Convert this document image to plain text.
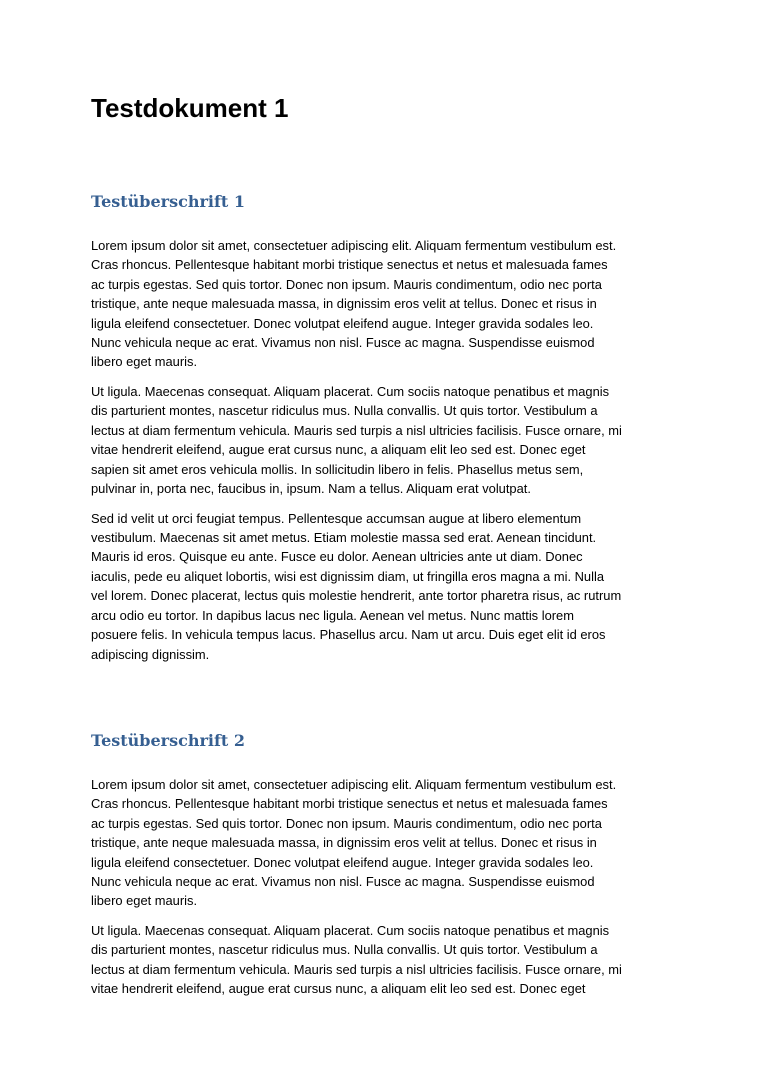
Testdokument 1
Testüberschrift 1

Lorem ipsum dolor sit amet, consectetuer adipiscing elit. Aliquam fermentum vestibulum est.
Cras rhoncus. Pellentesque habitant morbi tristique senectus et netus et malesuada fames
ac turpis egestas. Sed quis tortor. Donec non ipsum. Mauris condimentum, odio nec porta
tristique, ante neque malesuada massa, in dignissim eros velit at tellus. Donec et risus in
ligula eleifend consectetuer. Donec volutpat eleifend augue. Integer gravida sodales leo.
Nunc vehicula neque ac erat. Vivamus non nisl. Fusce ac magna. Suspendisse euismod
libero eget mauris.

Ut ligula. Maecenas consequat. Aliquam placerat. Cum sociis natoque penatibus et magnis
dis parturient montes, nascetur ridiculus mus. Nulla convallis. Ut quis tortor. Vestibulum a
lectus at diam fermentum vehicula. Mauris sed turpis a nisl ultricies facilisis. Fusce ornare, mi
vitae hendrerit eleifend, augue erat cursus nunc, a aliquam elit leo sed est. Donec eget
sapien sit amet eros vehicula mollis. In sollicitudin libero in felis. Phasellus metus sem,
pulvinar in, porta nec, faucibus in, ipsum. Nam a tellus. Aliquam erat volutpat.

Sed id velit ut orci feugiat tempus. Pellentesque accumsan augue at libero elementum
vestibulum. Maecenas sit amet metus. Etiam molestie massa sed erat. Aenean tincidunt.
Mauris id eros. Quisque eu ante. Fusce eu dolor. Aenean ultricies ante ut diam. Donec
iaculis, pede eu aliquet lobortis, wisi est dignissim diam, ut fringilla eros magna a mi. Nulla
vel lorem. Donec placerat, lectus quis molestie hendrerit, ante tortor pharetra risus, ac rutrum
arcu odio eu tortor. In dapibus lacus nec ligula. Aenean vel metus. Nunc mattis lorem
posuere felis. In vehicula tempus lacus. Phasellus arcu. Nam ut arcu. Duis eget elit id eros
adipiscing dignissim.

Testüberschrift 2

Lorem ipsum dolor sit amet, consectetuer adipiscing elit. Aliquam fermentum vestibulum est.
Cras rhoncus. Pellentesque habitant morbi tristique senectus et netus et malesuada fames
ac turpis egestas. Sed quis tortor. Donec non ipsum. Mauris condimentum, odio nec porta
tristique, ante neque malesuada massa, in dignissim eros velit at tellus. Donec et risus in
ligula eleifend consectetuer. Donec volutpat eleifend augue. Integer gravida sodales leo.
Nunc vehicula neque ac erat. Vivamus non nisl. Fusce ac magna. Suspendisse euismod
libero eget mauris.

Ut ligula. Maecenas consequat. Aliquam placerat. Cum sociis natoque penatibus et magnis
dis parturient montes, nascetur ridiculus mus. Nulla convallis. Ut quis tortor. Vestibulum a
lectus at diam fermentum vehicula. Mauris sed turpis a nisl ultricies facilisis. Fusce ornare, mi
vitae hendrerit eleifend, augue erat cursus nunc, a aliquam elit leo sed est. Donec eget
